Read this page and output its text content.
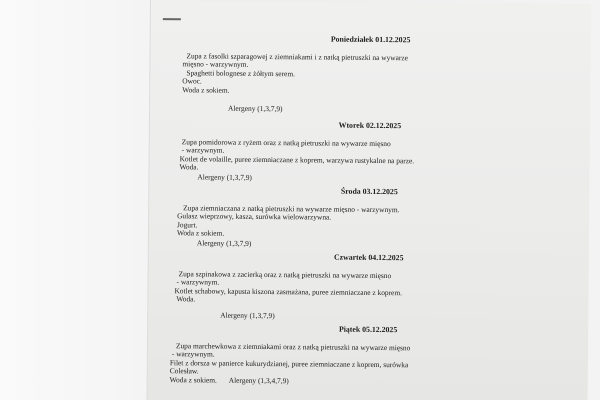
Poniedziałek 01.12.2025
Zupa z fasolki szparagowej z ziemniakami i z natką pietruszki na wywarze
mięsno - warzywnym.
Spaghetti bolognese z żółtym serem.
Owoc.
Woda z sokiem.
Alergeny (1,3,7,9)
Wtorek 02.12.2025
Zupa pomidorowa z ryżem oraz z natką pietruszki na wywarze mięsno
- warzywnym.
Kotlet de volaille, puree ziemniaczane z koprem, warzywa rustykalne na parze.
Woda.
Alergeny (1,3,7,9)
Środa 03.12.2025
Zupa ziemniaczana z natką pietruszki na wywarze mięsno - warzywnym.
Gulasz wieprzowy, kasza, surówka wielowarzywna.
Jogurt.
Woda z sokiem.
Alergeny (1,3,7,9)
Czwartek 04.12.2025
Zupa szpinakowa z zacierką oraz z natką pietruszki na wywarze mięsno
- warzywnym.
Kotlet schabowy, kapusta kiszona zasmażana, puree ziemniaczane z koprem.
Woda.
Alergeny (1,3,7,9)
Piątek 05.12.2025
Zupa marchewkowa z ziemniakami oraz z natką pietruszki na wywarze mięsno
- warzywnym.
Filet z dorsza w panierce kukurydzianej, puree ziemniaczane z koprem, surówka
Colesław.
Woda z sokiem. Alergeny (1,3,4,7,9)
